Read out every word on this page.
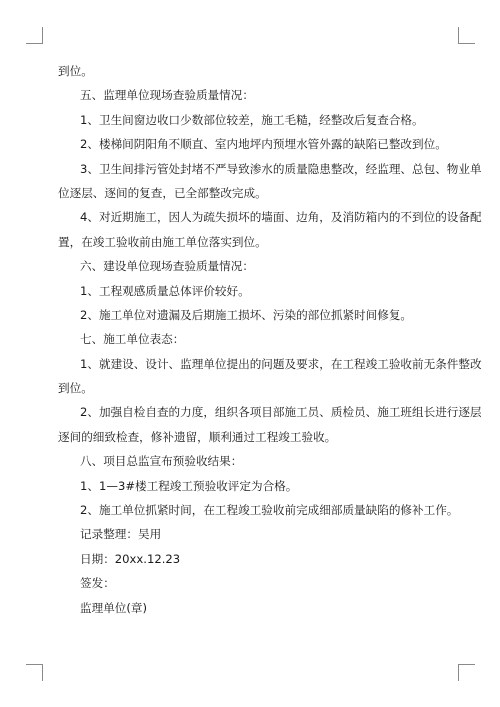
到位。
五、监理单位现场查验质量情况：
1、卫生间窗边收口少数部位较差，施工毛糙，经整改后复查合格。
2、楼梯间阴阳角不顺直、室内地坪内预埋水管外露的缺陷已整改到位。
3、卫生间排污管处封堵不严导致渗水的质量隐患整改，经监理、总包、物业单
位逐层、逐间的复查，已全部整改完成。
4、对近期施工，因人为疏失损坏的墙面、边角，及消防箱内的不到位的设备配
置，在竣工验收前由施工单位落实到位。
六、建设单位现场查验质量情况：
1、工程观感质量总体评价较好。
2、施工单位对遗漏及后期施工损坏、污染的部位抓紧时间修复。
七、施工单位表态：
1、就建设、设计、监理单位提出的问题及要求，在工程竣工验收前无条件整改
到位。
2、加强自检自查的力度，组织各项目部施工员、质检员、施工班组长进行逐层
逐间的细致检查，修补遗留，顺利通过工程竣工验收。
八、项目总监宣布预验收结果：
1、1—3#楼工程竣工预验收评定为合格。
2、施工单位抓紧时间，在工程竣工验收前完成细部质量缺陷的修补工作。
记录整理：吴用
日期：20xx.12.23
签发：
监理单位(章)
